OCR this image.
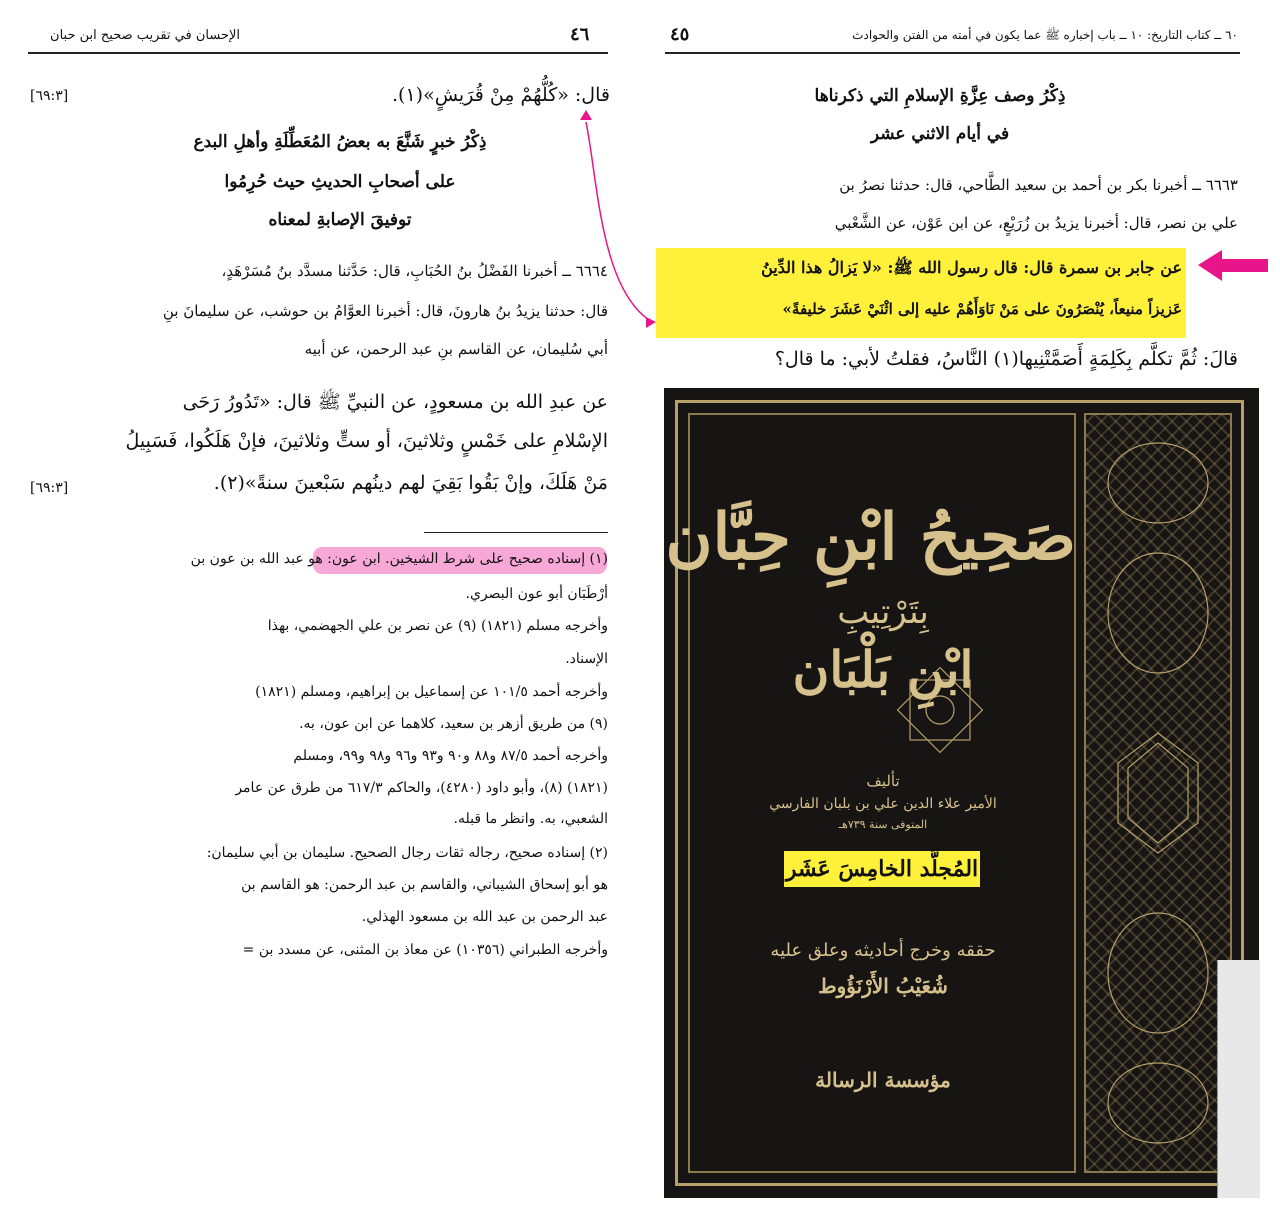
الإحسان في تقريب صحيح ابن حبان	٤٦
قال: «كُلُّهُمْ مِنْ قُرَيشٍ»(١).
[٦٩:٣]
ذِكْرُ خبرٍ شَنَّعَ به بعضُ المُعَطِّلَةِ وأهلِ البدع
على أصحابِ الحديثِ حيث حُرِمُوا
توفيقَ الإصابةِ لمعناه
٦٦٦٤ ــ أخبرنا الفَضْلُ بنُ الحُبَابِ، قال: حَدَّثنا مسدَّد بنُ مُسَرْهَدٍ،
قال: حدثنا يزيدُ بنُ هارونَ، قال: أخبرنا العوَّامُ بن حوشب، عن سليمانَ بنِ
أبي سُليمان، عن القاسم بنِ عبد الرحمن، عن أبيه
عن عبدِ الله بن مسعودٍ، عن النبيِّ ﷺ قال: «تَدُورُ رَحَى
الإسْلامِ على خَمْسٍ وثلاثينَ، أو ستٍّ وثلاثينَ، فإنْ هَلَكُوا، فَسَبِيلُ
مَنْ هَلَكَ، وإنْ بَقُوا بَقِيَ لهم دينُهم سَبْعينَ سنةً»(٢).
[٦٩:٣]
(١) إسناده صحيح على شرط الشيخين. ابن عون: هو عبد الله بن عون بن
أرْطَبَان أبو عون البصري.
وأخرجه مسلم (١٨٢١) (٩) عن نصر بن علي الجهضمي، بهذا
الإسناد.
وأخرجه أحمد ١٠١/٥ عن إسماعيل بن إبراهيم، ومسلم (١٨٢١)
(٩) من طريق أزهر بن سعيد، كلاهما عن ابن عون، به.
وأخرجه أحمد ٨٧/٥ و٨٨ و٩٠ و٩٣ و٩٦ و٩٨ و٩٩، ومسلم
(١٨٢١) (٨)، وأبو داود (٤٢٨٠)، والحاكم ٦١٧/٣ من طرق عن عامر
الشعبي، به. وانظر ما قبله.
(٢) إسناده صحيح، رجاله ثقات رجال الصحيح. سليمان بن أبي سليمان:
هو أبو إسحاق الشيباني، والقاسم بن عبد الرحمن: هو القاسم بن
عبد الرحمن بن عبد الله بن مسعود الهذلي.
وأخرجه الطبراني (١٠٣٥٦) عن معاذ بن المثنى، عن مسدد بن =
٦٠ ــ كتاب التاريخ: ١٠ ــ باب إخباره ﷺ عما يكون في أمته من الفتن والحوادث
٤٥
ذِكْرُ وصف عِزَّةِ الإسلامِ التي ذكرناها
في أيام الاثني عشر
٦٦٦٣ ــ أخبرنا بكر بن أحمد بن سعيد الطَّاحي، قال: حدثنا نصرُ بن
علي بن نصر، قال: أخبرنا يزيدُ بن زُرَيْعٍ، عن ابن عَوْن، عن الشَّعْبي
عن جابر بن سمرة قال: قال رسول الله ﷺ: «لا يَزالُ هذا الدِّينُ
عَزيزاً منيعاً، يُنْصَرُونَ على مَنْ نَاوَأَهُمْ عليه إلى اثْنَيْ عَشَرَ خليفةً»
قالَ: ثُمَّ تكلَّم بِكَلِمَةٍ أَصَمَّتْنِيها(١) النَّاسُ، فقلتُ لأبي: ما قال؟
صَحِيحُ ابْنِ حِبَّان
بِتَرْتِيبِ
ابْنِ بَلْبَان
تأليف
الأمير علاء الدين علي بن بلبان الفارسي
المتوفى سنة ٧٣٩هـ
المُجلَّد الخامِسَ عَشَر
حققه وخرج أحاديثه وعلق عليه
شُعَيْبُ الأَرْنَؤُوط
مؤسسة الرسالة
